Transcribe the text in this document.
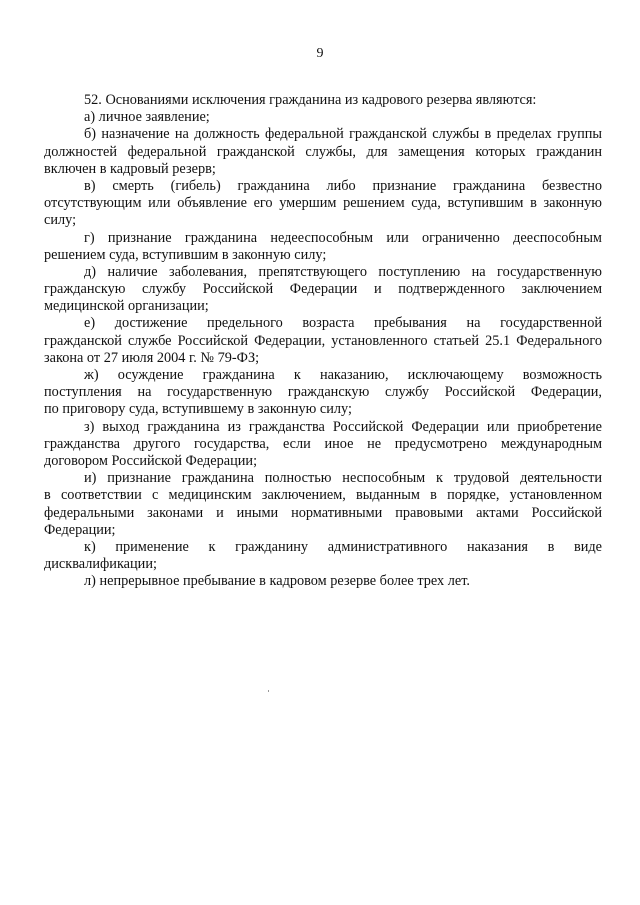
9
52. Основаниями исключения гражданина из кадрового резерва являются:
а) личное заявление;
б) назначение на должность федеральной гражданской службы в пределах группы
должностей федеральной гражданской службы, для замещения которых гражданин
включен в кадровый резерв;
в) смерть (гибель) гражданина либо признание гражданина безвестно
отсутствующим или объявление его умершим решением суда, вступившим в законную
силу;
г) признание гражданина недееспособным или ограниченно дееспособным
решением суда, вступившим в законную силу;
д) наличие заболевания, препятствующего поступлению на государственную
гражданскую службу Российской Федерации и подтвержденного заключением
медицинской организации;
е) достижение предельного возраста пребывания на государственной
гражданской службе Российской Федерации, установленного статьей 25.1 Федерального
закона от 27 июля 2004 г. № 79-ФЗ;
ж) осуждение гражданина к наказанию, исключающему возможность
поступления на государственную гражданскую службу Российской Федерации,
по приговору суда, вступившему в законную силу;
з) выход гражданина из гражданства Российской Федерации или приобретение
гражданства другого государства, если иное не предусмотрено международным
договором Российской Федерации;
и) признание гражданина полностью неспособным к трудовой деятельности
в соответствии с медицинским заключением, выданным в порядке, установленном
федеральными законами и иными нормативными правовыми актами Российской
Федерации;
к) применение к гражданину административного наказания в виде
дисквалификации;
л) непрерывное пребывание в кадровом резерве более трех лет.
